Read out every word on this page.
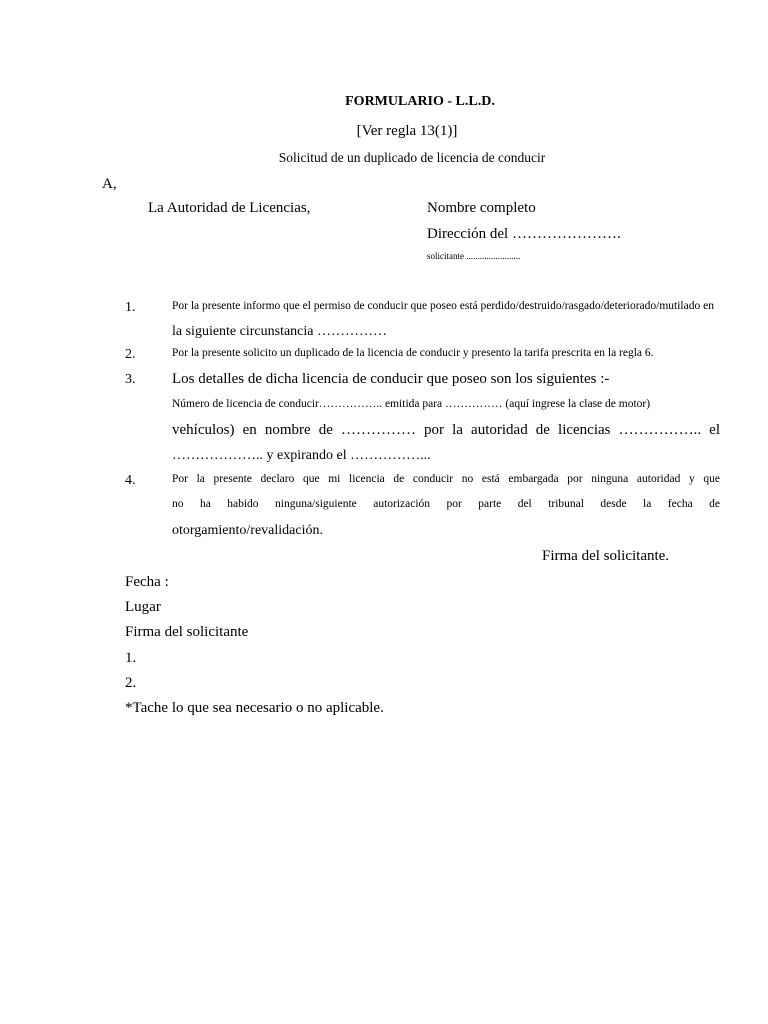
FORMULARIO - L.L.D.
[Ver regla 13(1)]
Solicitud de un duplicado de licencia de conducir
A,
La Autoridad de Licencias,	Nombre completo
Dirección del ………………….
solicitante ........................
1.	Por la presente informo que el permiso de conducir que poseo está perdido/destruido/rasgado/deteriorado/mutilado en
la siguiente circunstancia ……………
2.	Por la presente solicito un duplicado de la licencia de conducir y presento la tarifa prescrita en la regla 6.
3. Los detalles de dicha licencia de conducir que poseo son los siguientes :-
Número de licencia de conducir…………….. emitida para …………… (aquí ingrese la clase de motor)
vehículos) en nombre de …………… por la autoridad de licencias …………….. el
……………….. y expirando el ……………...
4.	Por la presente declaro que mi licencia de conducir no está embargada por ninguna autoridad y que
no ha habido ninguna/siguiente autorización por parte del tribunal desde la fecha de
otorgamiento/revalidación.
Firma del solicitante.
Fecha :
Lugar
Firma del solicitante
1.
2.
*Tache lo que sea necesario o no aplicable.
